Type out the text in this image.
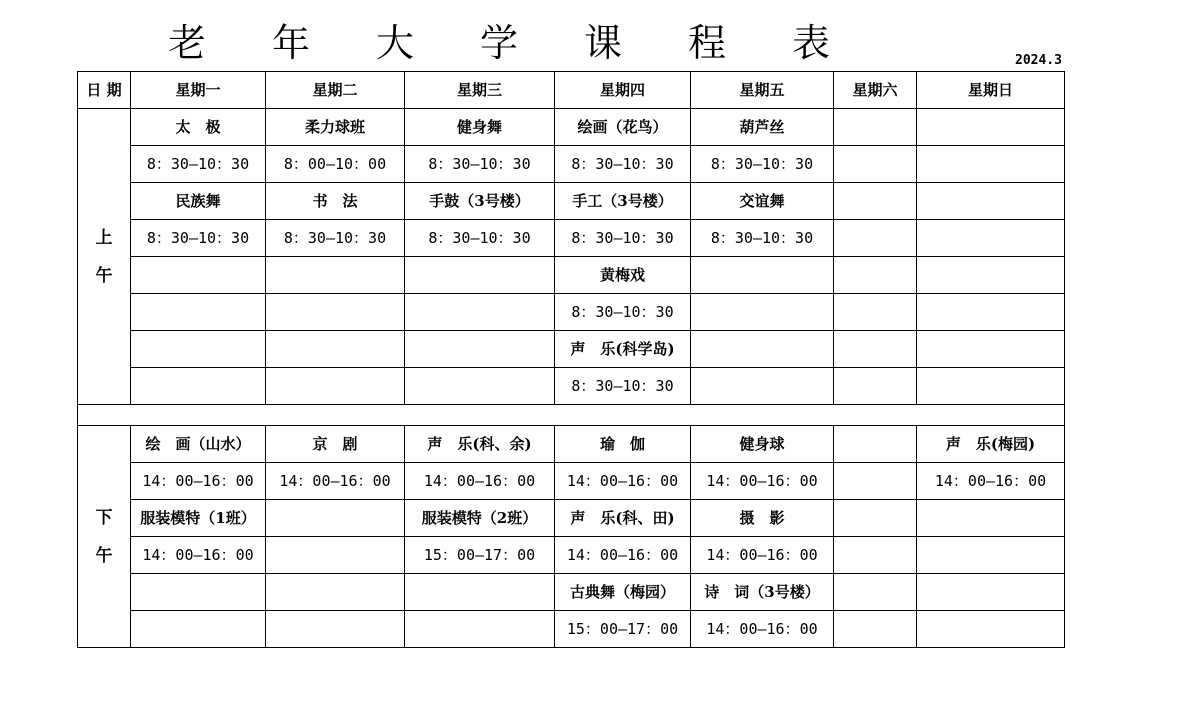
老 年 大 学 课 程 表	2024.3
日 期	星期一	星期二	星期三	星期四	星期五	星期六	星期日

上
午	太　极	柔力球班	健身舞	绘画（花鸟）	葫芦丝		
	8：30—10：30	8：00—10：00	8：30—10：30	8：30—10：30	8：30—10：30		
	民族舞	书　法	手鼓（3号楼）	手工（3号楼）	交谊舞		
	8：30—10：30	8：30—10：30	8：30—10：30	8：30—10：30	8：30—10：30		
				黄梅戏			
				8：30—10：30			
				声　乐(科学岛)			
				8：30—10：30			

下
午	绘　画（山水）	京　剧	声　乐(科、余)	瑜　伽	健身球		声　乐(梅园)
	14：00—16：00	14：00—16：00	14：00—16：00	14：00—16：00	14：00—16：00		14：00—16：00
	服装模特（1班）		服装模特（2班）	声　乐(科、田)	摄　影		
	14：00—16：00		15：00—17：00	14：00—16：00	14：00—16：00		
				古典舞（梅园）	诗　词（3号楼）		
				15：00—17：00	14：00—16：00		
